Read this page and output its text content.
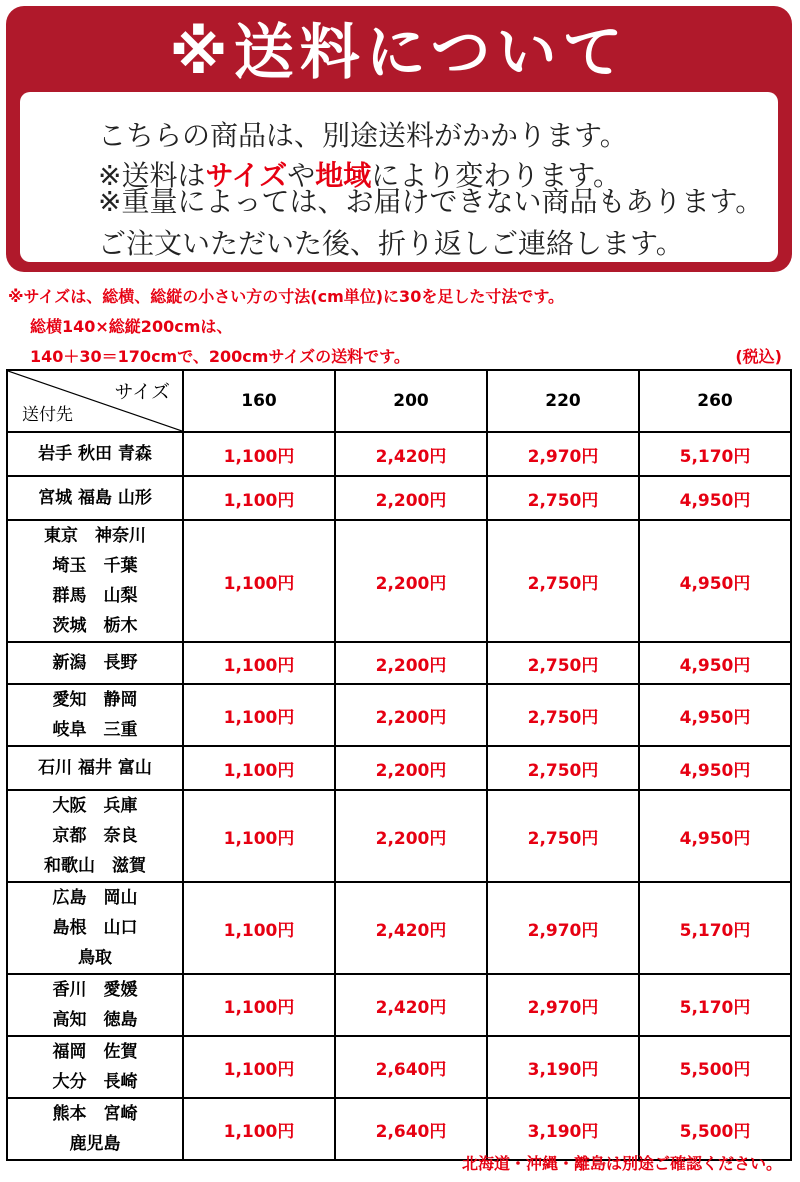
※送料について
こちらの商品は、別途送料がかかります。
※送料はサイズや地域により変わります。
※重量によっては、お届けできない商品もあります。
ご注文いただいた後、折り返しご連絡します。
※サイズは、総横、総縦の小さい方の寸法(cm単位)に30を足した寸法です。
総横140×総縦200cmは、
140＋30＝170cmで、200cmサイズの送料です。	(税込)
サイズ
送付先	160	200	220	260

岩手 秋田 青森	1,100円	2,420円	2,970円	5,170円

宮城 福島 山形	1,100円	2,200円	2,750円	4,950円

東京　神奈川
埼玉　千葉
群馬　山梨
茨城　栃木	1,100円	2,200円	2,750円	4,950円

新潟　長野	1,100円	2,200円	2,750円	4,950円

愛知　静岡
岐阜　三重	1,100円	2,200円	2,750円	4,950円

石川 福井 富山	1,100円	2,200円	2,750円	4,950円

大阪　兵庫
京都　奈良
和歌山　滋賀	1,100円	2,200円	2,750円	4,950円

広島　岡山
島根　山口
鳥取	1,100円	2,420円	2,970円	5,170円

香川　愛媛
高知　徳島	1,100円	2,420円	2,970円	5,170円

福岡　佐賀
大分　長崎	1,100円	2,640円	3,190円	5,500円

熊本　宮崎
鹿児島	1,100円	2,640円	3,190円	5,500円
北海道・沖縄・離島は別途ご確認ください。
